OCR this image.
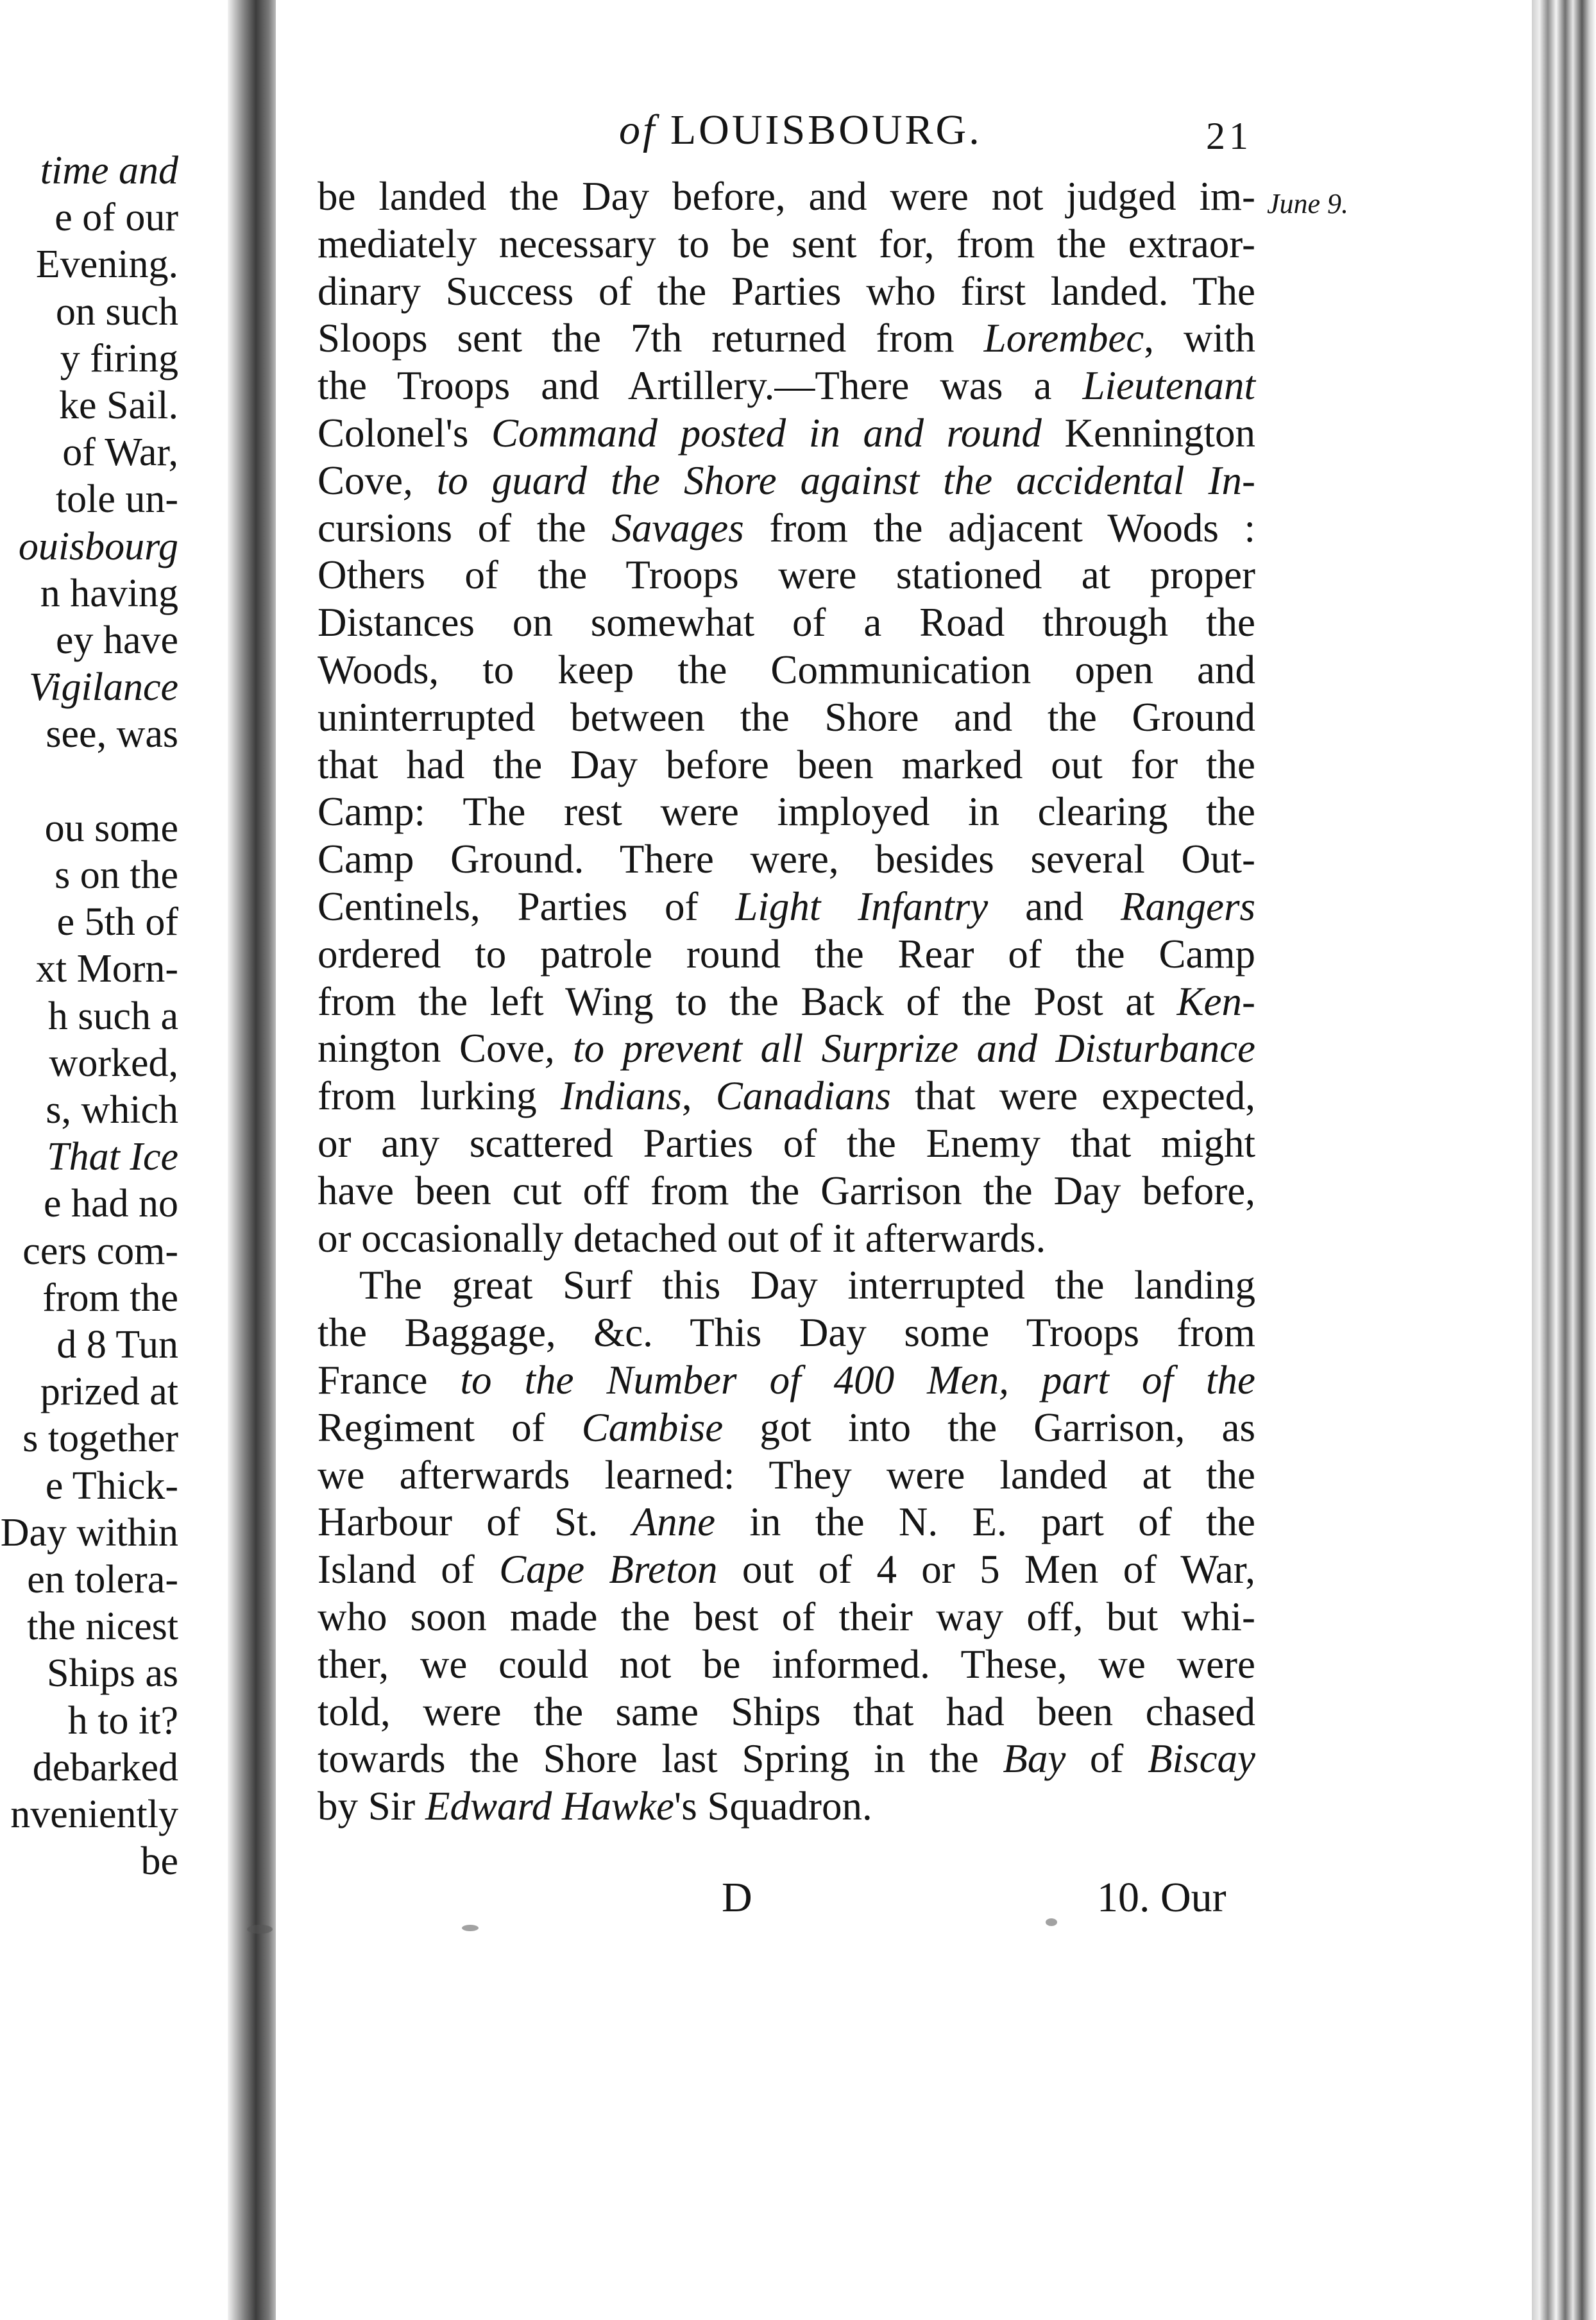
time and
e of our
Evening.
on such
y firing
ke Sail.
of War,
tole un-
ouisbourg
n having
ey have
Vigilance
see, was
ou some
s on the
e 5th of
xt Morn-
h such a
worked,
s, which
That Ice
e had no
cers com-
from the
d 8 Tun
prized at
s together
e Thick-
Day within
en tolera-
the nicest
Ships as
h to it?
debarked
nveniently
be
of LOUISBOURG.	21
June 9.
be landed the Day before, and were not judged im-
mediately necessary to be sent for, from the extraor-
dinary Success of the Parties who first landed. The
Sloops sent the 7th returned from Lorembec, with
the Troops and Artillery.—There was a Lieutenant
Colonel's Command posted in and round Kennington
Cove, to guard the Shore against the accidental In-
cursions of the Savages from the adjacent Woods :
Others of the Troops were stationed at proper
Distances on somewhat of a Road through the
Woods, to keep the Communication open and
uninterrupted between the Shore and the Ground
that had the Day before been marked out for the
Camp: The rest were imployed in clearing the
Camp Ground. There were, besides several Out-
Centinels, Parties of Light Infantry and Rangers
ordered to patrole round the Rear of the Camp
from the left Wing to the Back of the Post at Ken-
nington Cove, to prevent all Surprize and Disturbance
from lurking Indians, Canadians that were expected,
or any scattered Parties of the Enemy that might
have been cut off from the Garrison the Day before,
or occasionally detached out of it afterwards.
The great Surf this Day interrupted the landing
the Baggage, &c. This Day some Troops from
France to the Number of 400 Men, part of the
Regiment of Cambise got into the Garrison, as
we afterwards learned: They were landed at the
Harbour of St. Anne in the N. E. part of the
Island of Cape Breton out of 4 or 5 Men of War,
who soon made the best of their way off, but whi-
ther, we could not be informed. These, we were
told, were the same Ships that had been chased
towards the Shore last Spring in the Bay of Biscay
by Sir Edward Hawke's Squadron.
D	10. Our
